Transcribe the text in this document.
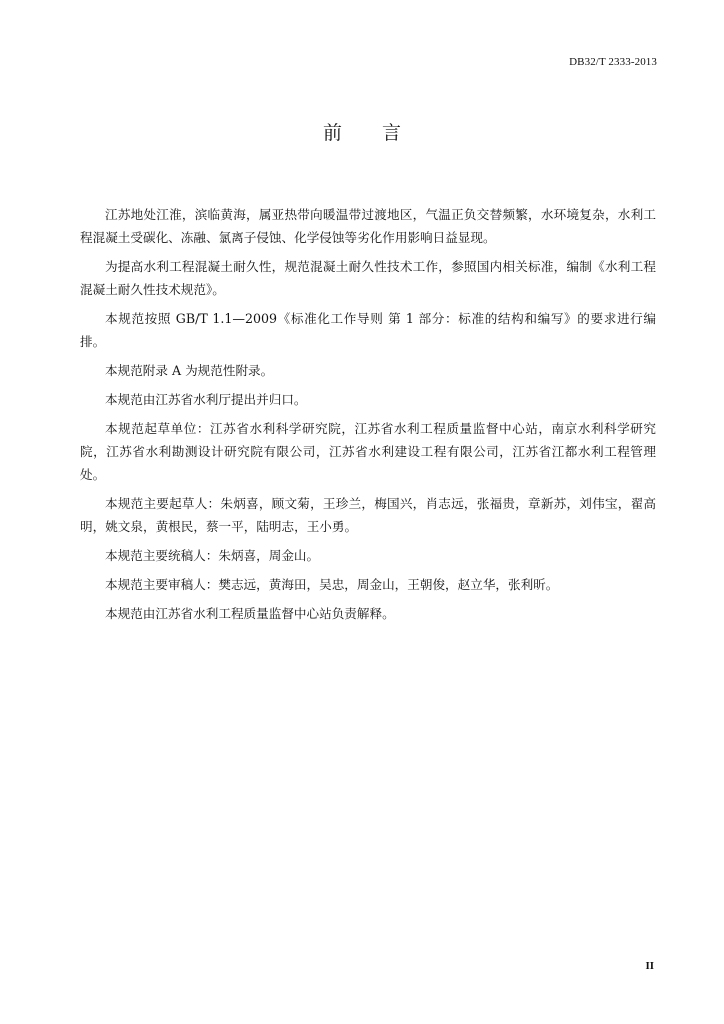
DB32/T 2333-2013
前言

江苏地处江淮，滨临黄海，属亚热带向暖温带过渡地区，气温正负交替频繁，水环境复杂，水利工程混凝土受碳化、冻融、氯离子侵蚀、化学侵蚀等劣化作用影响日益显现。

为提高水利工程混凝土耐久性，规范混凝土耐久性技术工作，参照国内相关标准，编制《水利工程混凝土耐久性技术规范》。

本规范按照 GB/T 1.1—2009《标准化工作导则 第 1 部分：标准的结构和编写》的要求进行编排。

本规范附录 A 为规范性附录。

本规范由江苏省水利厅提出并归口。

本规范起草单位：江苏省水利科学研究院，江苏省水利工程质量监督中心站，南京水利科学研究院，江苏省水利勘测设计研究院有限公司，江苏省水利建设工程有限公司，江苏省江都水利工程管理处。

本规范主要起草人：朱炳喜，顾文菊，王珍兰，梅国兴，肖志远，张福贵，章新苏，刘伟宝，翟高明，姚文泉，黄根民，蔡一平，陆明志，王小勇。

本规范主要统稿人：朱炳喜，周金山。

本规范主要审稿人：樊志远，黄海田，吴忠，周金山，王朝俊，赵立华，张利昕。

本规范由江苏省水利工程质量监督中心站负责解释。

II
